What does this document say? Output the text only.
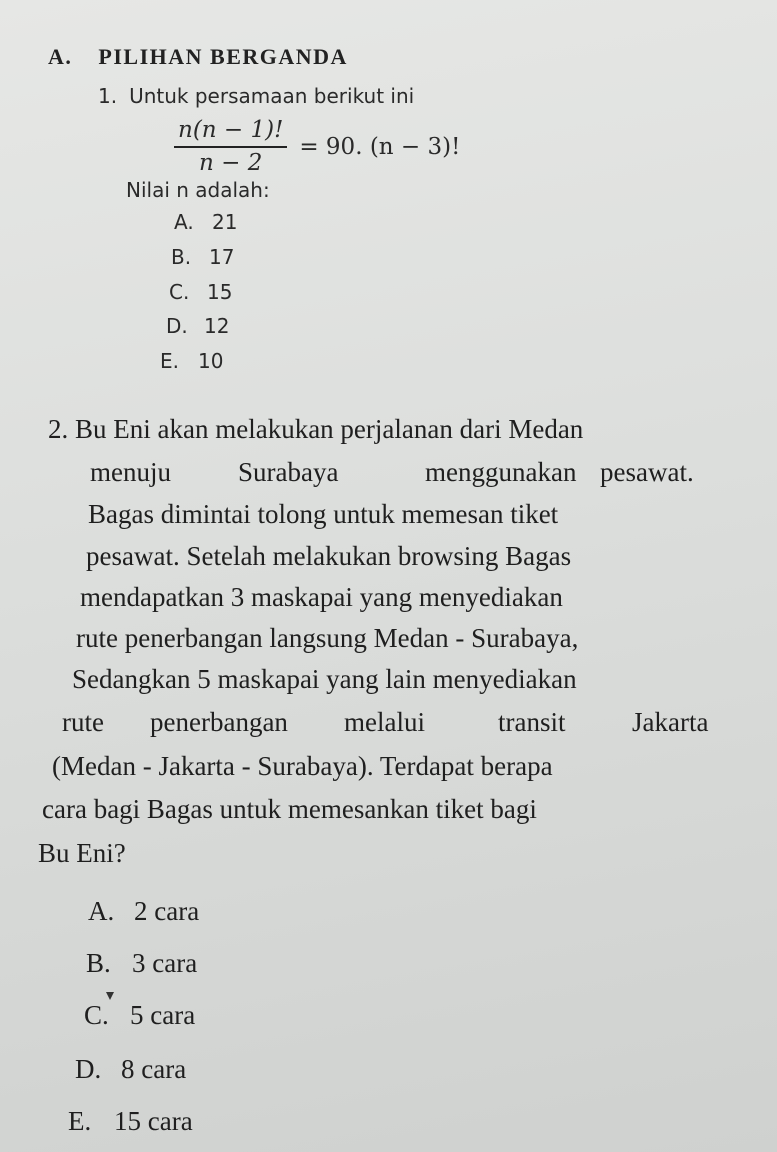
A. PILIHAN BERGANDA
1. Untuk persamaan berikut ini
$\frac{n(n - 1)!}{n - 2} = 90$. (n − 3)!
Nilai n adalah:
A. 21
B. 17
C. 15
D. 12
E. 10
2. Bu Eni akan melakukan perjalanan dari Medan
menuju Surabaya	menggunakan pesawat.
Bagas dimintai tolong untuk memesan tiket
pesawat. Setelah melakukan browsing Bagas
mendapatkan 3 maskapai yang menyediakan
rute penerbangan langsung Medan - Surabaya,
Sedangkan 5 maskapai yang lain menyediakan
rute penerbangan melalui	transit Jakarta
(Medan - Jakarta - Surabaya). Terdapat berapa
cara bagi Bagas untuk memesankan tiket bagi
Bu Eni?
A. 2 cara
B. 3 cara
C. 5 cara
D. 8 cara
E. 15 cara
